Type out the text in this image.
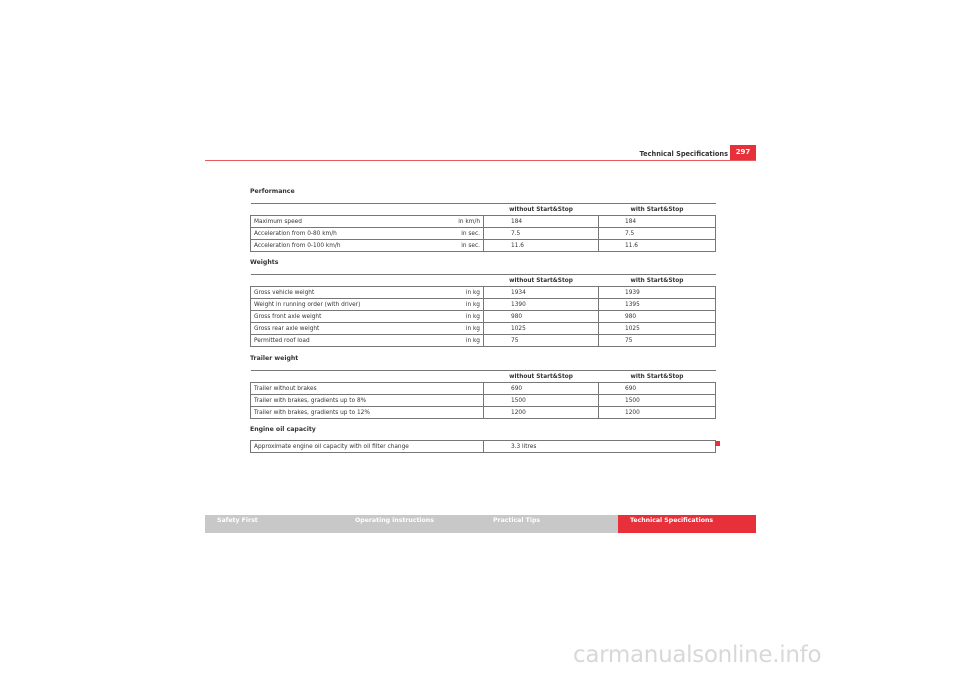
Technical Specifications	297
Performance
		without Start&Stop	with Start&Stop
Maximum speed	in km/h	184	184
Acceleration from 0-80 km/h	in sec.	7.5	7.5
Acceleration from 0-100 km/h	in sec.	11.6	11.6
Weights
		without Start&Stop	with Start&Stop
Gross vehicle weight	in kg	1934	1939
Weight in running order (with driver)	in kg	1390	1395
Gross front axle weight	in kg	980	980
Gross rear axle weight	in kg	1025	1025
Permitted roof load	in kg	75	75
Trailer weight
		without Start&Stop	with Start&Stop
Trailer without brakes		690	690
Trailer with brakes, gradients up to 8%		1500	1500
Trailer with brakes, gradients up to 12%		1200	1200
Engine oil capacity
Approximate engine oil capacity with oil filter change	3.3 litres
Safety First	Operating instructions	Practical Tips	Technical Specifications
carmanualsonline.info
